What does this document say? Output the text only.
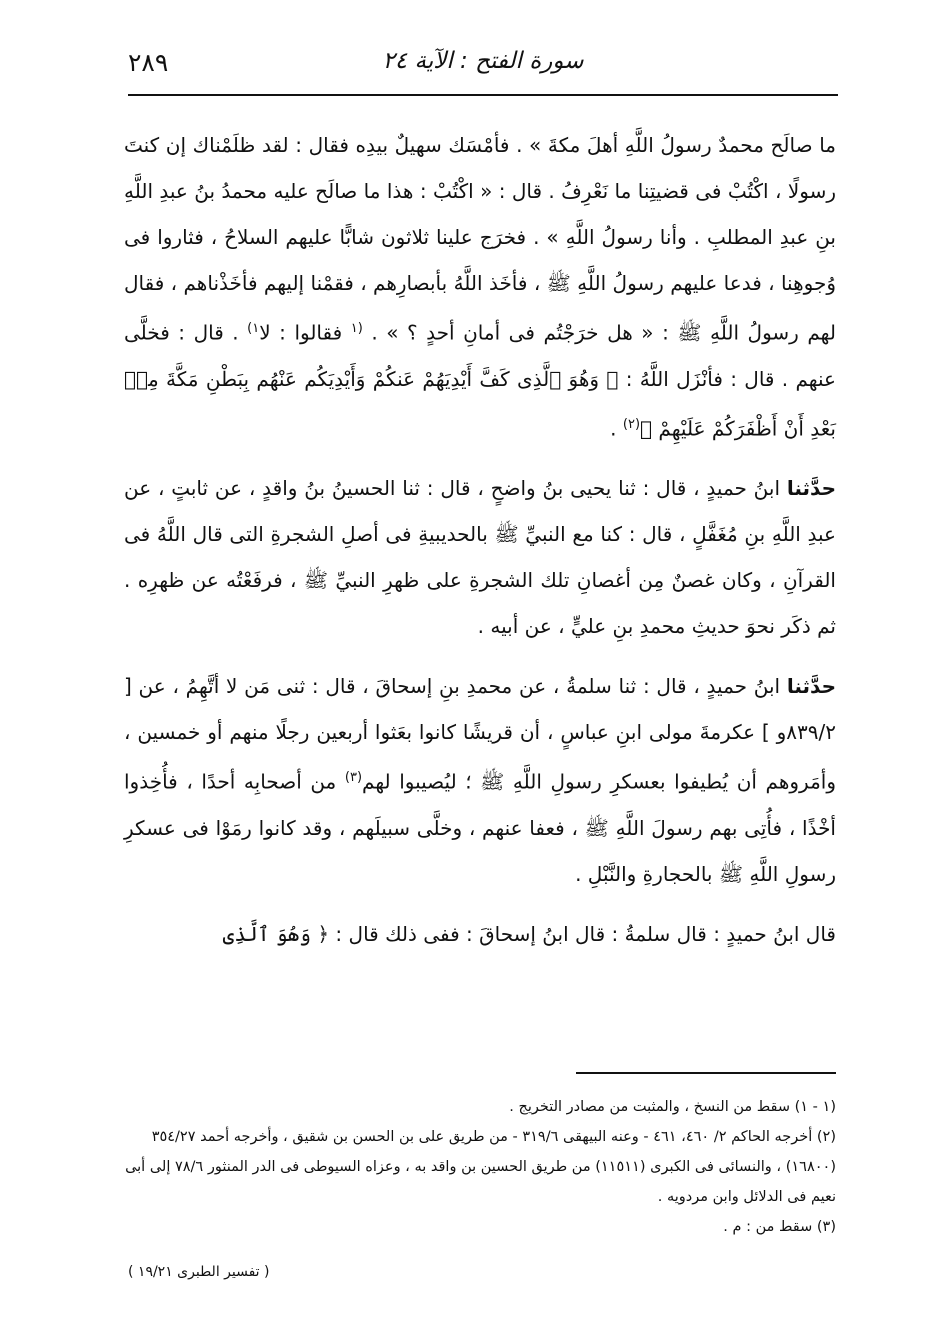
٢٨٩	سورة الفتح : الآية ٢٤

ما صالَح محمدٌ رسولُ اللَّهِ أهلَ مكةَ » . فأمْسَك سهيلٌ بيدِه فقال : لقد ظلَمْناك إن كنتَ رسولًا ، اكْتُبْ فى قضيتِنا ما نَعْرِفُ . قال : « اكْتُبْ : هذا ما صالَح عليه محمدُ بنُ عبدِ اللَّهِ بنِ عبدِ المطلبِ . وأنا رسولُ اللَّهِ » . فخرَج علينا ثلاثون شابًّا عليهم السلاحُ ، فثاروا فى وُجوهِنا ، فدعا عليهم رسولُ اللَّهِ ﷺ ، فأخَذ اللَّهُ بأبصارِهم ، فقمْنا إليهم فأخَذْناهم ، فقال لهم رسولُ اللَّهِ ﷺ : « هل خرَجْتُم فى أمانِ أحدٍ ؟ » . $^{(١}$ فقالوا : لا$^{١)}$ . قال : فخلَّى عنهم . قال : فأنْزَل اللَّهُ : ﴿ وَهُوَ ٱلَّذِى كَفَّ أَيْدِيَهُمْ عَنكُمْ وَأَيْدِيَكُم عَنْهُم بِبَطْنِ مَكَّةَ مِنۢ بَعْدِ أَنْ أَظْفَرَكُمْ عَلَيْهِمْ ﴾$^{(٢)}$ .

حدَّثنا ابنُ حميدٍ ، قال : ثنا يحيى بنُ واضحٍ ، قال : ثنا الحسينُ بنُ واقدٍ ، عن ثابتٍ ، عن عبدِ اللَّهِ بنِ مُغَفَّلٍ ، قال : كنا مع النبيِّ ﷺ بالحديبيةِ فى أصلِ الشجرةِ التى قال اللَّهُ فى القرآنِ ، وكان غصنٌ مِن أغصانِ تلك الشجرةِ على ظهرِ النبيِّ ﷺ ، فرفَعْتُه عن ظهرِه . ثم ذكَر نحوَ حديثِ محمدِ بنِ عليٍّ ، عن أبيه .

حدَّثنا ابنُ حميدٍ ، قال : ثنا سلمةُ ، عن محمدِ بنِ إسحاقَ ، قال : ثنى مَن لا أتَّهِمُ ، عن [ ٨٣٩/٢و ] عكرمةَ مولى ابنِ عباسٍ ، أن قريشًا كانوا بعَثوا أربعين رجلًا منهم أو خمسين ، وأمَروهم أن يُطيفوا بعسكرِ رسولِ اللَّهِ ﷺ ؛ ليُصيبوا لهم$^{(٣)}$ من أصحابِه أحدًا ، فأُخِذوا أخْذًا ، فأُتِى بهم رسولَ اللَّهِ ﷺ ، فعفا عنهم ، وخلَّى سبيلَهم ، وقد كانوا رمَوْا فى عسكرِ رسولِ اللَّهِ ﷺ بالحجارةِ والنَّبْلِ .

قال ابنُ حميدٍ : قال سلمةُ : قال ابنُ إسحاقَ : ففى ذلك قال : ﴿ وَهُوَ ٱلَّذِى

(١ - ١) سقط من النسخ ، والمثبت من مصادر التخريج .

(٢) أخرجه الحاكم ٢/ ٤٦٠، ٤٦١ - وعنه البيهقى ٣١٩/٦ - من طريق على بن الحسن بن شقيق ، وأخرجه أحمد ٣٥٤/٢٧ (١٦٨٠٠) ، والنسائى فى الكبرى (١١٥١١) من طريق الحسين بن واقد به ، وعزاه السيوطى فى الدر المنثور ٧٨/٦ إلى أبى نعيم فى الدلائل وابن مردويه .

(٣) سقط من : م .

( تفسير الطبرى ١٩/٢١ )
